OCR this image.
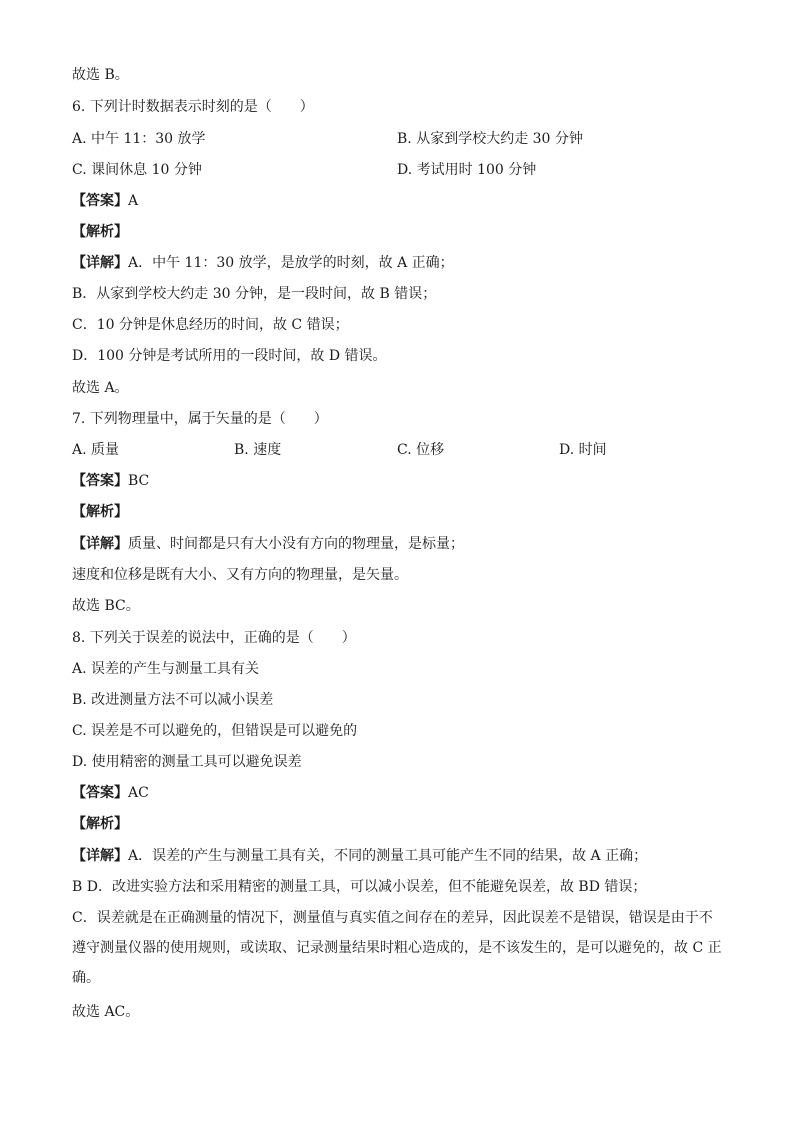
故选 B。
6. 下列计时数据表示时刻的是（　　）
A. 中午 11：30 放学	B. 从家到学校大约走 30 分钟
C. 课间休息 10 分钟	D. 考试用时 100 分钟
【答案】A
【解析】
【详解】A．中午 11：30 放学，是放学的时刻，故 A 正确；
B．从家到学校大约走 30 分钟，是一段时间，故 B 错误；
C．10 分钟是休息经历的时间，故 C 错误；
D．100 分钟是考试所用的一段时间，故 D 错误。
故选 A。
7. 下列物理量中，属于矢量的是（　　）
A. 质量	B. 速度	C. 位移	D. 时间
【答案】BC
【解析】
【详解】质量、时间都是只有大小没有方向的物理量，是标量；
速度和位移是既有大小、又有方向的物理量，是矢量。
故选 BC。
8. 下列关于误差的说法中，正确的是（　　）
A. 误差的产生与测量工具有关
B. 改进测量方法不可以减小误差
C. 误差是不可以避免的，但错误是可以避免的
D. 使用精密的测量工具可以避免误差
【答案】AC
【解析】
【详解】A．误差的产生与测量工具有关，不同的测量工具可能产生不同的结果，故 A 正确；
B D．改进实验方法和采用精密的测量工具，可以减小误差，但不能避免误差，故 BD 错误；
C．误差就是在正确测量的情况下，测量值与真实值之间存在的差异，因此误差不是错误，错误是由于不遵守测量仪器的使用规则，或读取、记录测量结果时粗心造成的，是不该发生的，是可以避免的，故 C 正确。
故选 AC。
